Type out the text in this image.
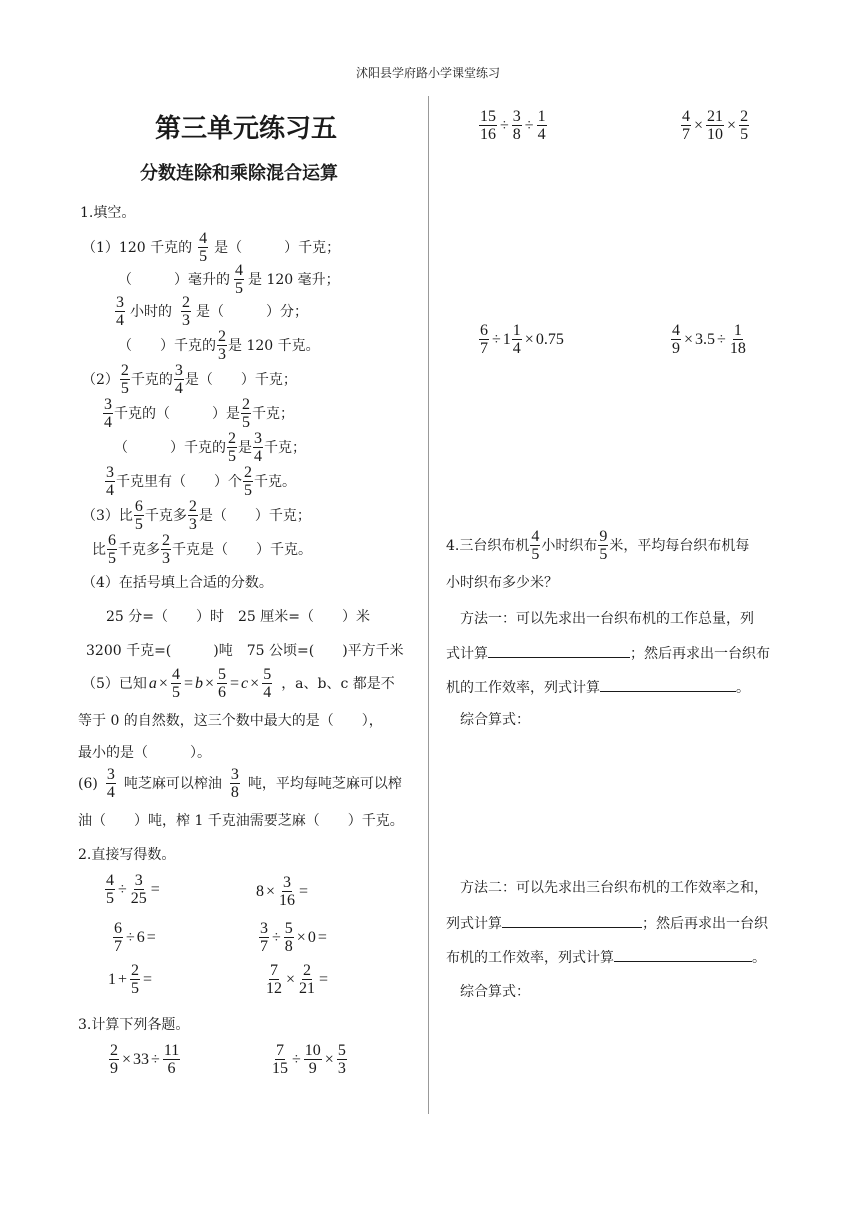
沭阳县学府路小学课堂练习
第三单元练习五
分数连除和乘除混合运算
1.填空。
（1）120 千克的 $\frac{4}{5}$ 是（　　　）千克；
（　　　）毫升的 $\frac{4}{5}$ 是 120 毫升；
$\frac{3}{4}$ 小时的 $\frac{2}{3}$ 是（　　　）分；
（　　）千克的 $\frac{2}{3}$ 是 120 千克。
$(2) \frac{2}{5}$ 千克的 $\frac{3}{4}$ 是（　　）千克；
$\frac{3}{4}$ 千克的（　　　）是 $\frac{2}{5}$ 千克；
（　　　）千克的 $\frac{2}{5}$ 是 $\frac{3}{4}$ 千克；
$\frac{3}{4}$ 千克里有（　　）个 $\frac{2}{5}$ 千克。
（3）比 $\frac{6}{5}$ 千克多 $\frac{2}{3}$ 是（　　）千克；
比 $\frac{6}{5}$ 千克多 $\frac{2}{3}$ 千克是（　　）千克。
（4）在括号填上合适的分数。
25 分=（　　）时　25 厘米=（　　）米
3200 千克=(　　　)吨　75 公顷=(　　)平方千米
（5）已知 $a \times \frac{4}{5} = b \times \frac{5}{6} = c \times \frac{5}{4}$ ，a、b、c 都是不
等于 0 的自然数，这三个数中最大的是（　　），
最小的是（　　　）。
$(6) \frac{3}{4}$ 吨芝麻可以榨油 $\frac{3}{8}$ 吨，平均每吨芝麻可以榨
油（　　）吨，榨 1 千克油需要芝麻（　　）千克。
2.直接写得数。
$\frac{4}{5} \div \frac{3}{25}$ =	$8 \times \frac{3}{16}$ =
$\frac{6}{7} \div 6$ =	$\frac{3}{7} \div \frac{5}{8} \times 0$ =
$1 + \frac{2}{5}$ =	$\frac{7}{12} \times \frac{2}{21}$ =
3.计算下列各题。
$\frac{2}{9} \times 33 \div \frac{11}{6}$	$\frac{7}{15} \div \frac{10}{9} \times \frac{5}{3}$
$\frac{15}{16} \div \frac{3}{8} \div \frac{1}{4}$	$\frac{4}{7} \times \frac{21}{10} \times \frac{2}{5}$
$\frac{6}{7} \div 1 \frac{1}{4} \times 0.75$	$\frac{4}{9} \times 3.5 \div \frac{1}{18}$
4.三台织布机 $\frac{4}{5}$ 小时织布 $\frac{9}{5}$ 米，平均每台织布机每
小时织布多少米？
方法一：可以先求出一台织布机的工作总量，列
式计算	；然后再求出一台织布
机的工作效率，列式计算	。
综合算式：
方法二：可以先求出三台织布机的工作效率之和，
列式计算	；然后再求出一台织
布机的工作效率，列式计算	。
综合算式：
